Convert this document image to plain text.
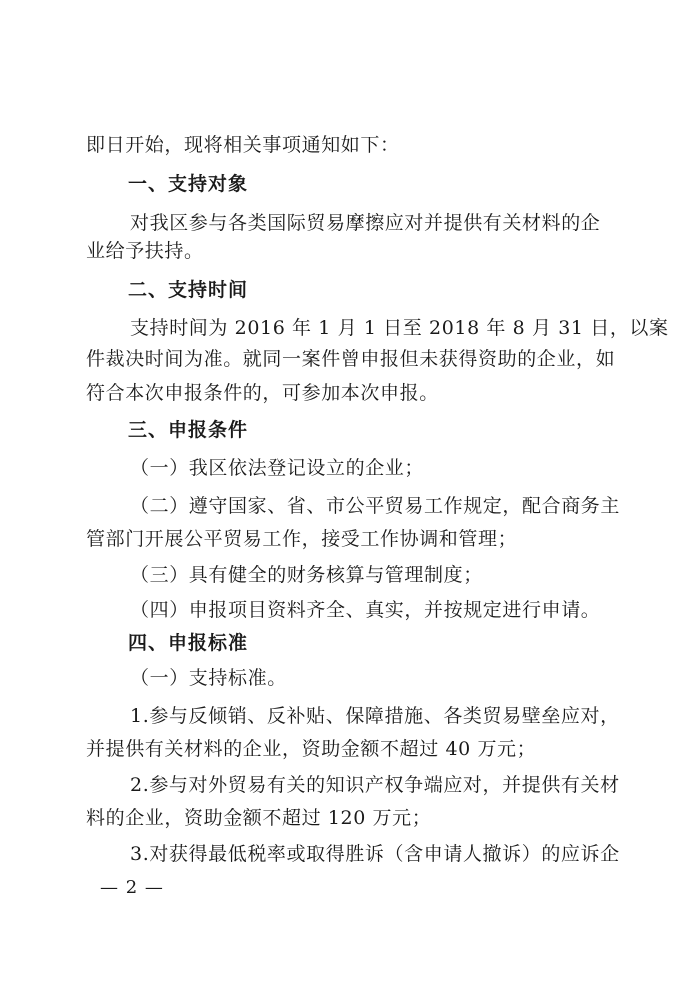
即日开始，现将相关事项通知如下：
一、支持对象
对我区参与各类国际贸易摩擦应对并提供有关材料的企
业给予扶持。
二、支持时间
支持时间为 2016 年 1 月 1 日至 2018 年 8 月 31 日，以案
件裁决时间为准。就同一案件曾申报但未获得资助的企业，如
符合本次申报条件的，可参加本次申报。
三、申报条件
（一）我区依法登记设立的企业；
（二）遵守国家、省、市公平贸易工作规定，配合商务主
管部门开展公平贸易工作，接受工作协调和管理；
（三）具有健全的财务核算与管理制度；
（四）申报项目资料齐全、真实，并按规定进行申请。
四、申报标准
（一）支持标准。
1.参与反倾销、反补贴、保障措施、各类贸易壁垒应对，
并提供有关材料的企业，资助金额不超过 40 万元；
2.参与对外贸易有关的知识产权争端应对，并提供有关材
料的企业，资助金额不超过 120 万元；
3.对获得最低税率或取得胜诉（含申请人撤诉）的应诉企
— 2 —
